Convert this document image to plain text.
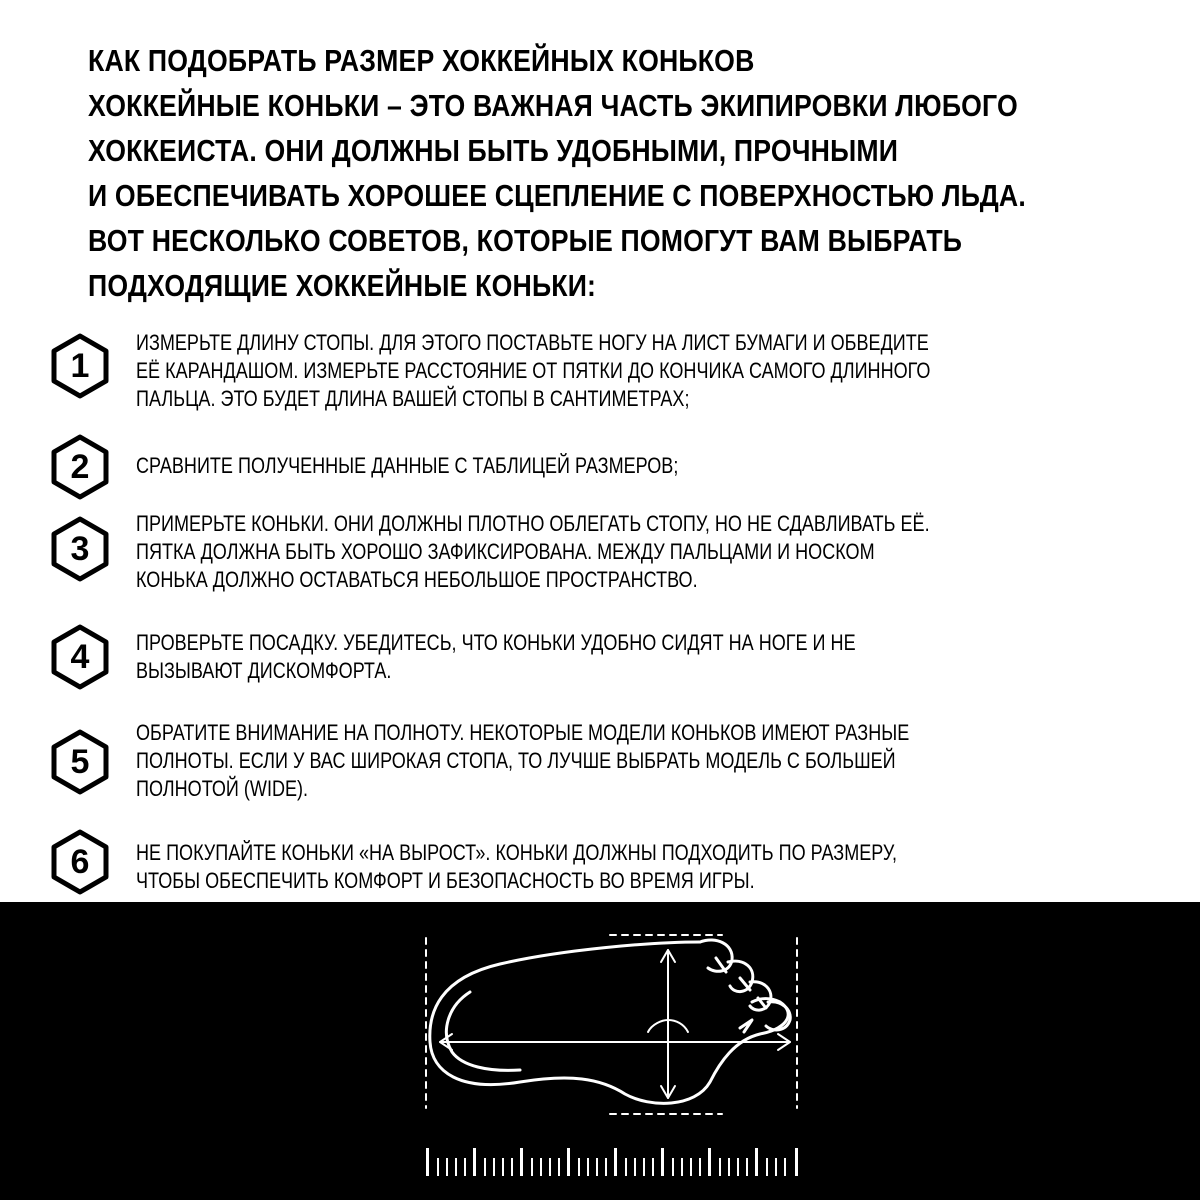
КАК ПОДОБРАТЬ РАЗМЕР ХОККЕЙНЫХ КОНЬКОВ
ХОККЕЙНЫЕ КОНЬКИ – ЭТО ВАЖНАЯ ЧАСТЬ ЭКИПИРОВКИ ЛЮБОГО
ХОККЕИСТА. ОНИ ДОЛЖНЫ БЫТЬ УДОБНЫМИ, ПРОЧНЫМИ
И ОБЕСПЕЧИВАТЬ ХОРОШЕЕ СЦЕПЛЕНИЕ С ПОВЕРХНОСТЬЮ ЛЬДА.
ВОТ НЕСКОЛЬКО СОВЕТОВ, КОТОРЫЕ ПОМОГУТ ВАМ ВЫБРАТЬ
ПОДХОДЯЩИЕ ХОККЕЙНЫЕ КОНЬКИ:
1
ИЗМЕРЬТЕ ДЛИНУ СТОПЫ. ДЛЯ ЭТОГО ПОСТАВЬТЕ НОГУ НА ЛИСТ БУМАГИ И ОБВЕДИТЕ
ЕЁ КАРАНДАШОМ. ИЗМЕРЬТЕ РАССТОЯНИЕ ОТ ПЯТКИ ДО КОНЧИКА САМОГО ДЛИННОГО
ПАЛЬЦА. ЭТО БУДЕТ ДЛИНА ВАШЕЙ СТОПЫ В САНТИМЕТРАХ;
2	СРАВНИТЕ ПОЛУЧЕННЫЕ ДАННЫЕ С ТАБЛИЦЕЙ РАЗМЕРОВ;
3
ПРИМЕРЬТЕ КОНЬКИ. ОНИ ДОЛЖНЫ ПЛОТНО ОБЛЕГАТЬ СТОПУ, НО НЕ СДАВЛИВАТЬ ЕЁ.
ПЯТКА ДОЛЖНА БЫТЬ ХОРОШО ЗАФИКСИРОВАНА. МЕЖДУ ПАЛЬЦАМИ И НОСКОМ
КОНЬКА ДОЛЖНО ОСТАВАТЬСЯ НЕБОЛЬШОЕ ПРОСТРАНСТВО.
4	ПРОВЕРЬТЕ ПОСАДКУ. УБЕДИТЕСЬ, ЧТО КОНЬКИ УДОБНО СИДЯТ НА НОГЕ И НЕ
ВЫЗЫВАЮТ ДИСКОМФОРТА.
5
ОБРАТИТЕ ВНИМАНИЕ НА ПОЛНОТУ. НЕКОТОРЫЕ МОДЕЛИ КОНЬКОВ ИМЕЮТ РАЗНЫЕ
ПОЛНОТЫ. ЕСЛИ У ВАС ШИРОКАЯ СТОПА, ТО ЛУЧШЕ ВЫБРАТЬ МОДЕЛЬ С БОЛЬШЕЙ
ПОЛНОТОЙ (WIDE).
6	НЕ ПОКУПАЙТЕ КОНЬКИ «НА ВЫРОСТ». КОНЬКИ ДОЛЖНЫ ПОДХОДИТЬ ПО РАЗМЕРУ,
ЧТОБЫ ОБЕСПЕЧИТЬ КОМФОРТ И БЕЗОПАСНОСТЬ ВО ВРЕМЯ ИГРЫ.
